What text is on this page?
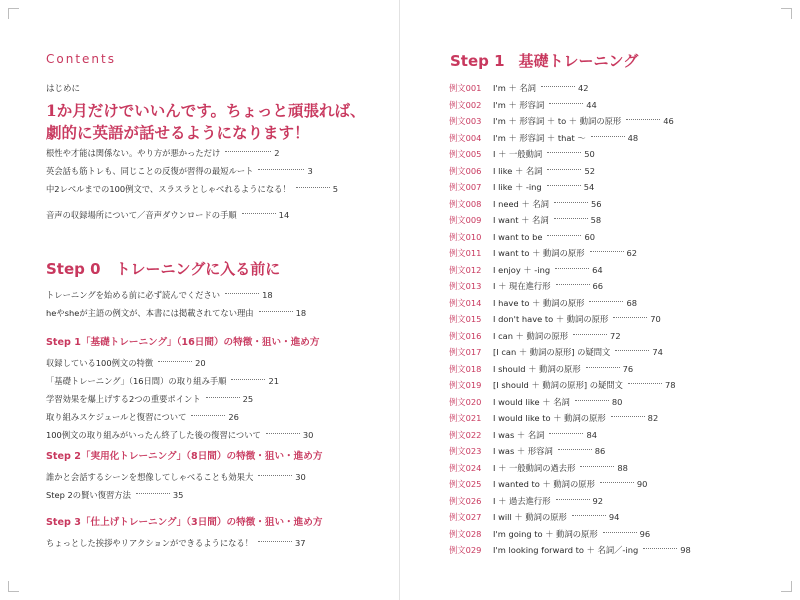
Contents
はじめに
1か月だけでいいんです。ちょっと頑張れば、劇的に英語が話せるようになります！
根性や才能は関係ない。やり方が悪かっただけ	2
英会話も筋トレも、同じことの反復が習得の最短ルート	3
中2レベルまでの100例文で、スラスラとしゃべれるようになる！	5
音声の収録場所について／音声ダウンロードの手順	14
Step 0　トレーニングに入る前に
トレーニングを始める前に必ず読んでください	18
heやsheが主語の例文が、本書には掲載されてない理由	18
Step 1「基礎トレーニング」（16日間）の特徴・狙い・進め方
収録している100例文の特徴	20
「基礎トレーニング」（16日間）の取り組み手順	21
学習効果を爆上げする2つの重要ポイント	25
取り組みスケジュールと復習について	26
100例文の取り組みがいったん終了した後の復習について	30
Step 2「実用化トレーニング」（8日間）の特徴・狙い・進め方
誰かと会話するシーンを想像してしゃべることも効果大	30
Step 2の賢い復習方法	35
Step 3「仕上げトレーニング」（3日間）の特徴・狙い・進め方
ちょっとした挨拶やリアクションができるようになる！	37
Step 1 基礎トレーニング
例文001 I'm ＋ 名詞	42
例文002 I'm ＋ 形容詞	44
例文003 I'm ＋ 形容詞 ＋ to ＋ 動詞の原形	46
例文004 I'm ＋ 形容詞 ＋ that ～	48
例文005 I ＋ 一般動詞	50
例文006 I like ＋ 名詞	52
例文007 I like ＋ -ing	54
例文008 I need ＋ 名詞	56
例文009 I want ＋ 名詞	58
例文010 I want to be	60
例文011 I want to ＋ 動詞の原形	62
例文012 I enjoy ＋ -ing	64
例文013 I ＋ 現在進行形	66
例文014 I have to ＋ 動詞の原形	68
例文015 I don't have to ＋ 動詞の原形	70
例文016 I can ＋ 動詞の原形	72
例文017 [I can ＋ 動詞の原形] の疑問文	74
例文018 I should ＋ 動詞の原形	76
例文019 [I should ＋ 動詞の原形] の疑問文	78
例文020 I would like ＋ 名詞	80
例文021 I would like to ＋ 動詞の原形	82
例文022 I was ＋ 名詞	84
例文023 I was ＋ 形容詞	86
例文024 I ＋ 一般動詞の過去形	88
例文025 I wanted to ＋ 動詞の原形	90
例文026 I ＋ 過去進行形	92
例文027 I will ＋ 動詞の原形	94
例文028 I'm going to ＋ 動詞の原形	96
例文029 I'm looking forward to ＋ 名詞／-ing	98
